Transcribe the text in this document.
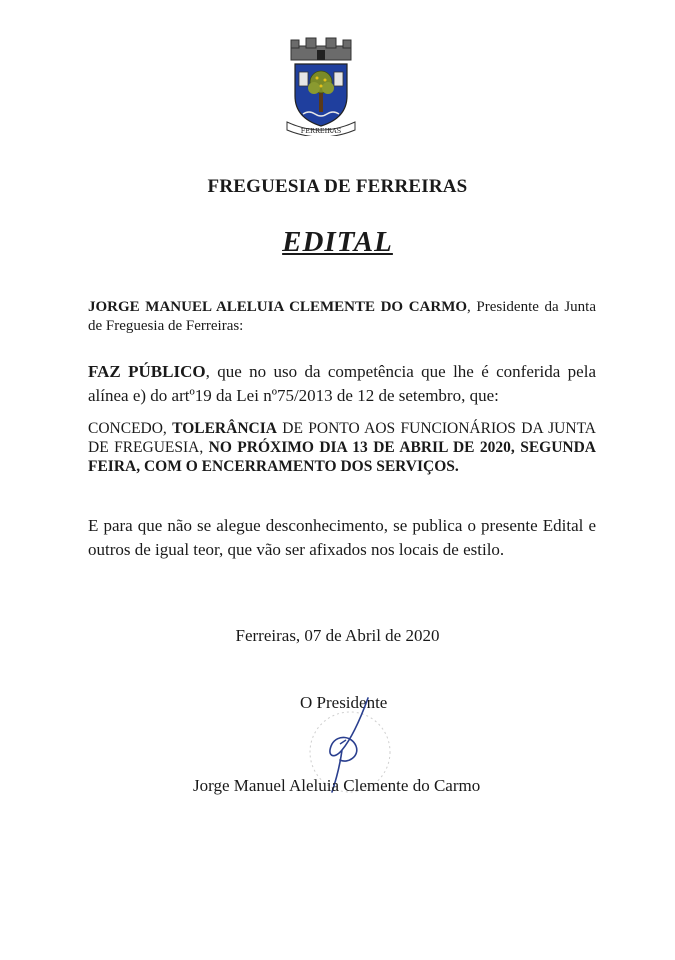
FERREIRAS
FREGUESIA DE FERREIRAS
EDITAL
JORGE MANUEL ALELUIA CLEMENTE DO CARMO, Presidente da Junta de Freguesia de Ferreiras:
FAZ PÚBLICO, que no uso da competência que lhe é conferida pela alínea e) do artº19 da Lei nº75/2013 de 12 de setembro, que:
CONCEDO, TOLERÂNCIA DE PONTO AOS FUNCIONÁRIOS DA JUNTA DE FREGUESIA, NO PRÓXIMO DIA 13 DE ABRIL DE 2020, SEGUNDA FEIRA, COM O ENCERRAMENTO DOS SERVIÇOS.
E para que não se alegue desconhecimento, se publica o presente Edital e outros de igual teor, que vão ser afixados nos locais de estilo.
Ferreiras, 07 de Abril de 2020
O Presidente
Jorge Manuel Aleluia Clemente do Carmo
